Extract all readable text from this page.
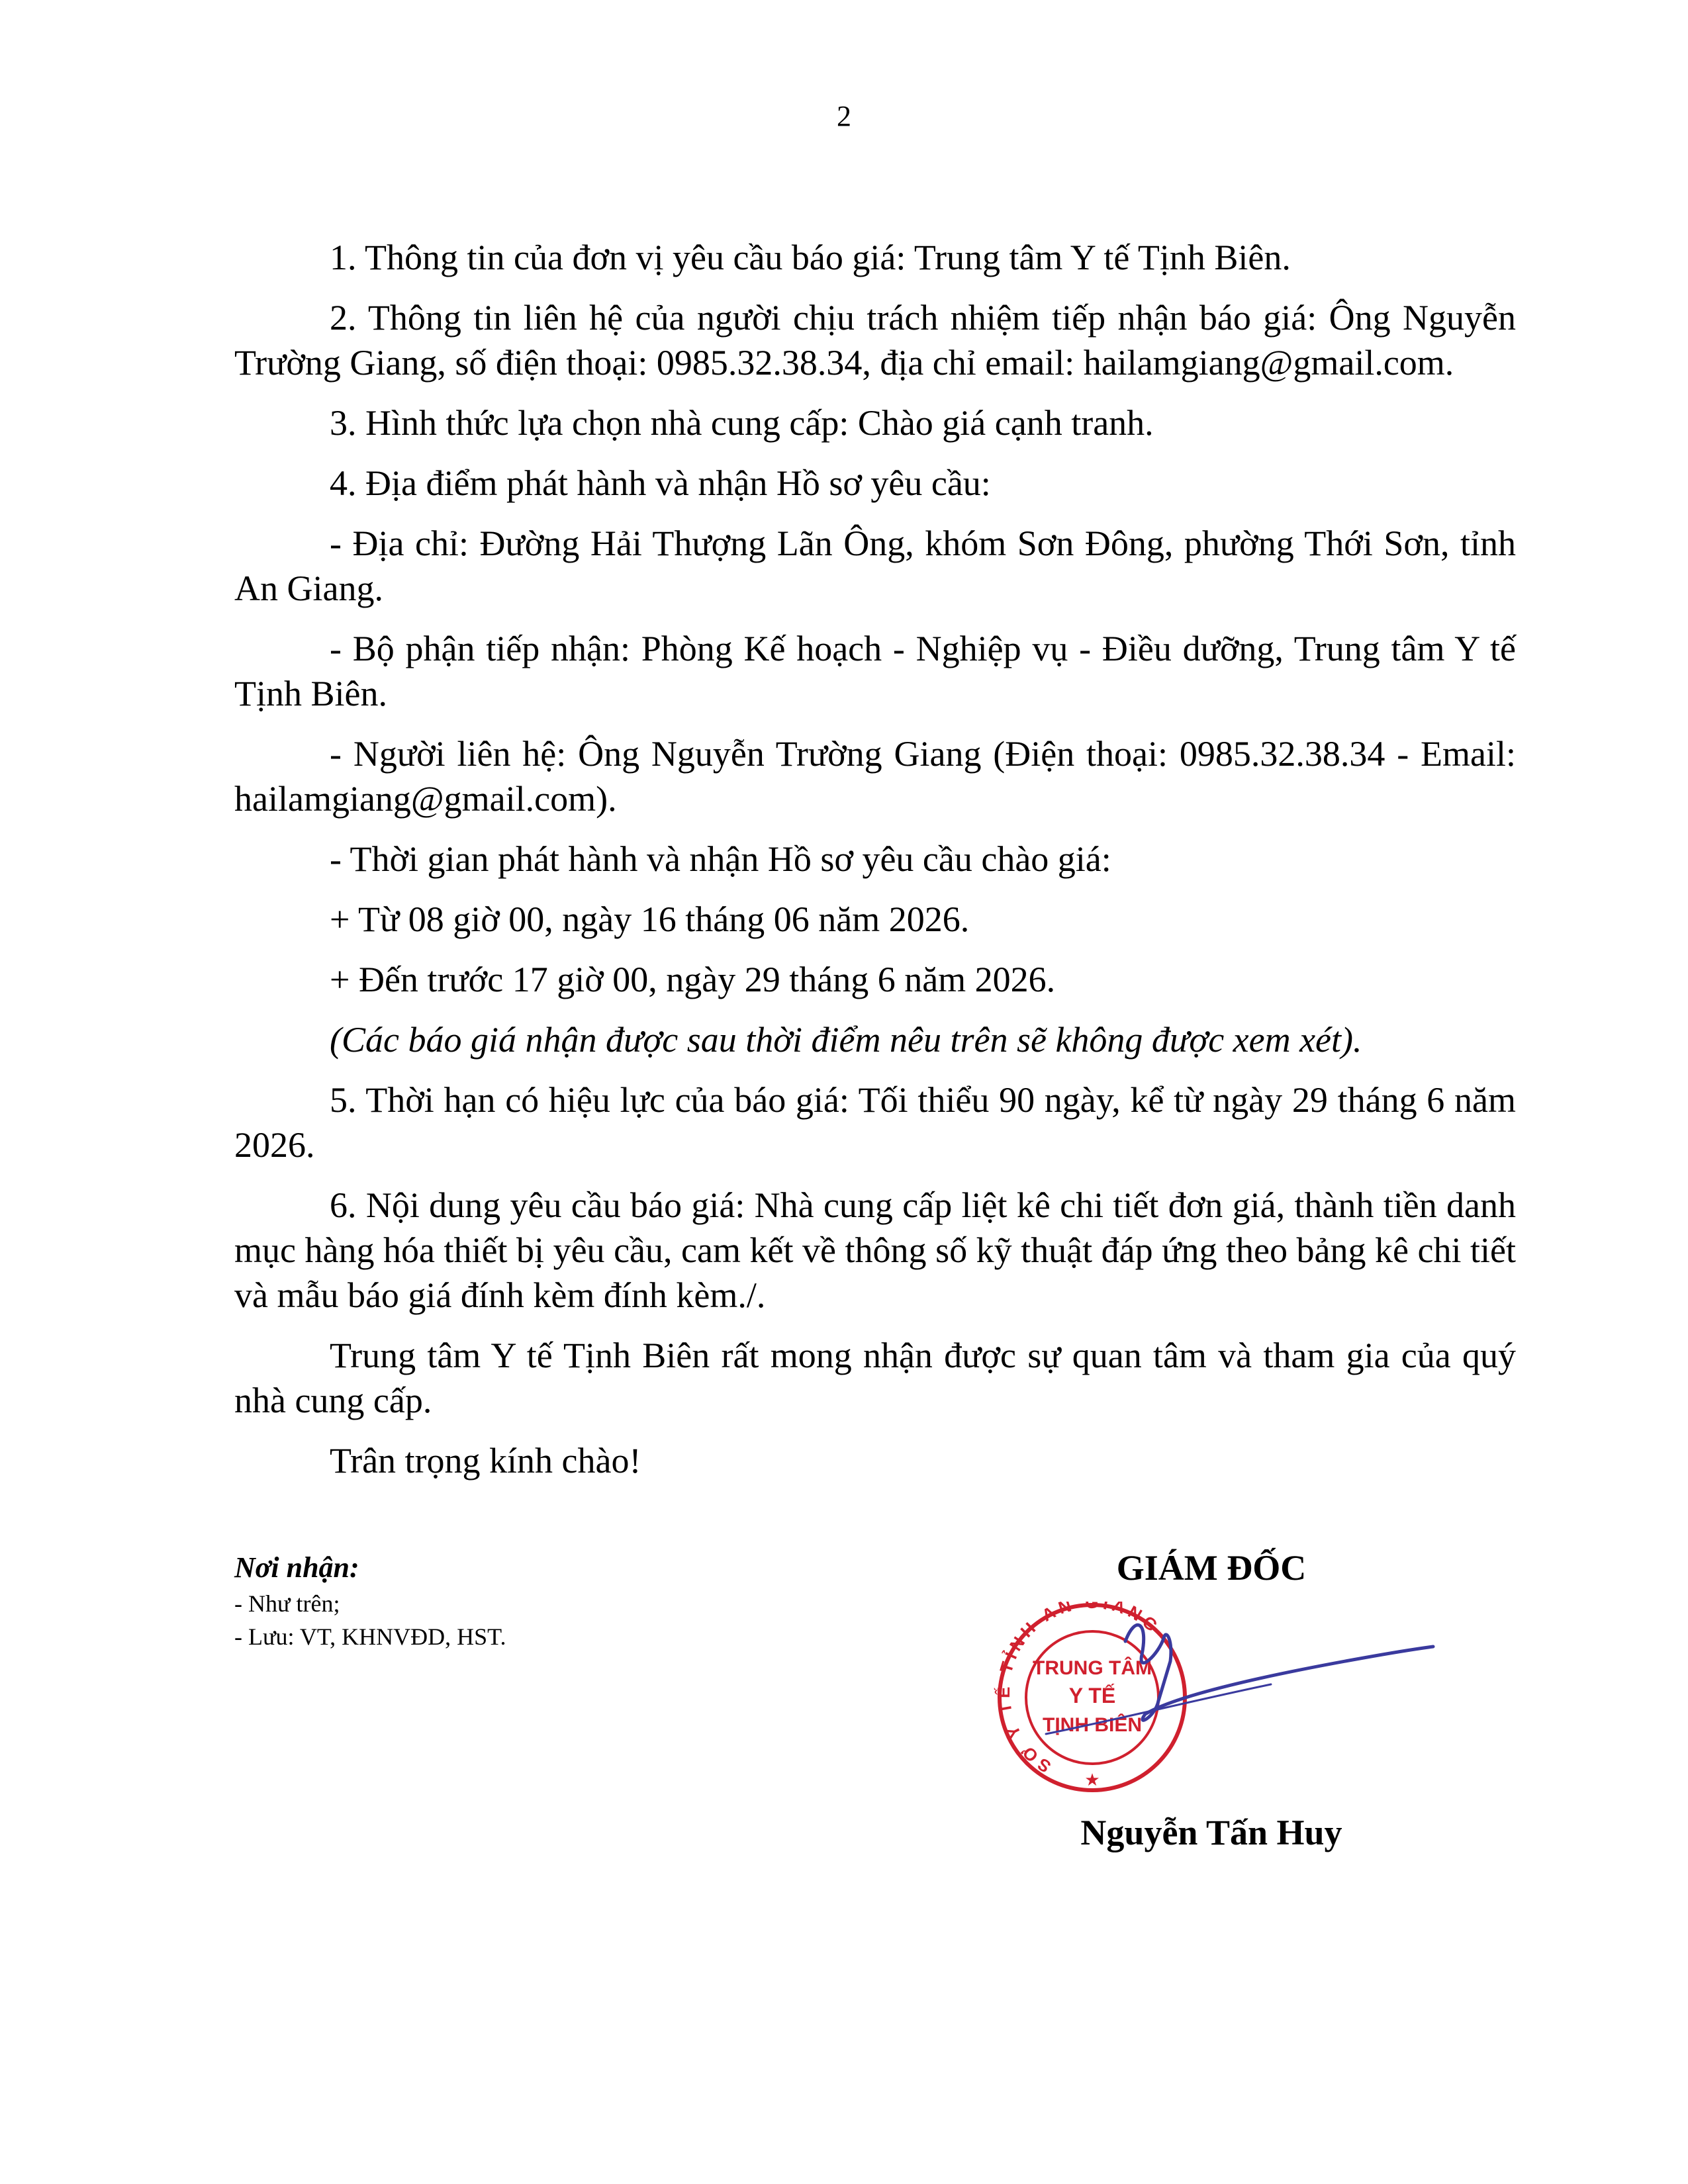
2

1. Thông tin của đơn vị yêu cầu báo giá: Trung tâm Y tế Tịnh Biên.

2. Thông tin liên hệ của người chịu trách nhiệm tiếp nhận báo giá: Ông Nguyễn Trường Giang, số điện thoại: 0985.32.38.34, địa chỉ email: hailamgiang@gmail.com.

3. Hình thức lựa chọn nhà cung cấp: Chào giá cạnh tranh.

4. Địa điểm phát hành và nhận Hồ sơ yêu cầu:

- Địa chỉ: Đường Hải Thượng Lãn Ông, khóm Sơn Đông, phường Thới Sơn, tỉnh An Giang.

- Bộ phận tiếp nhận: Phòng Kế hoạch - Nghiệp vụ - Điều dưỡng, Trung tâm Y tế Tịnh Biên.

- Người liên hệ: Ông Nguyễn Trường Giang (Điện thoại: 0985.32.38.34 - Email: hailamgiang@gmail.com).

- Thời gian phát hành và nhận Hồ sơ yêu cầu chào giá:

+ Từ 08 giờ 00, ngày 16 tháng 06 năm 2026.

+ Đến trước 17 giờ 00, ngày 29 tháng 6 năm 2026.

(Các báo giá nhận được sau thời điểm nêu trên sẽ không được xem xét).

5. Thời hạn có hiệu lực của báo giá: Tối thiểu 90 ngày, kể từ ngày 29 tháng 6 năm 2026.

6. Nội dung yêu cầu báo giá: Nhà cung cấp liệt kê chi tiết đơn giá, thành tiền danh mục hàng hóa thiết bị yêu cầu, cam kết về thông số kỹ thuật đáp ứng theo bảng kê chi tiết và mẫu báo giá đính kèm đính kèm./.

Trung tâm Y tế Tịnh Biên rất mong nhận được sự quan tâm và tham gia của quý nhà cung cấp.

Trân trọng kính chào!

Nơi nhận:
- Như trên;
- Lưu: VT, KHNVĐD, HST.
GIÁM ĐỐC
SỞ Y TẾ TỈNH AN GIANG
★
TRUNG TÂM
Y TẾ
TỊNH BIÊN
Nguyễn Tấn Huy
